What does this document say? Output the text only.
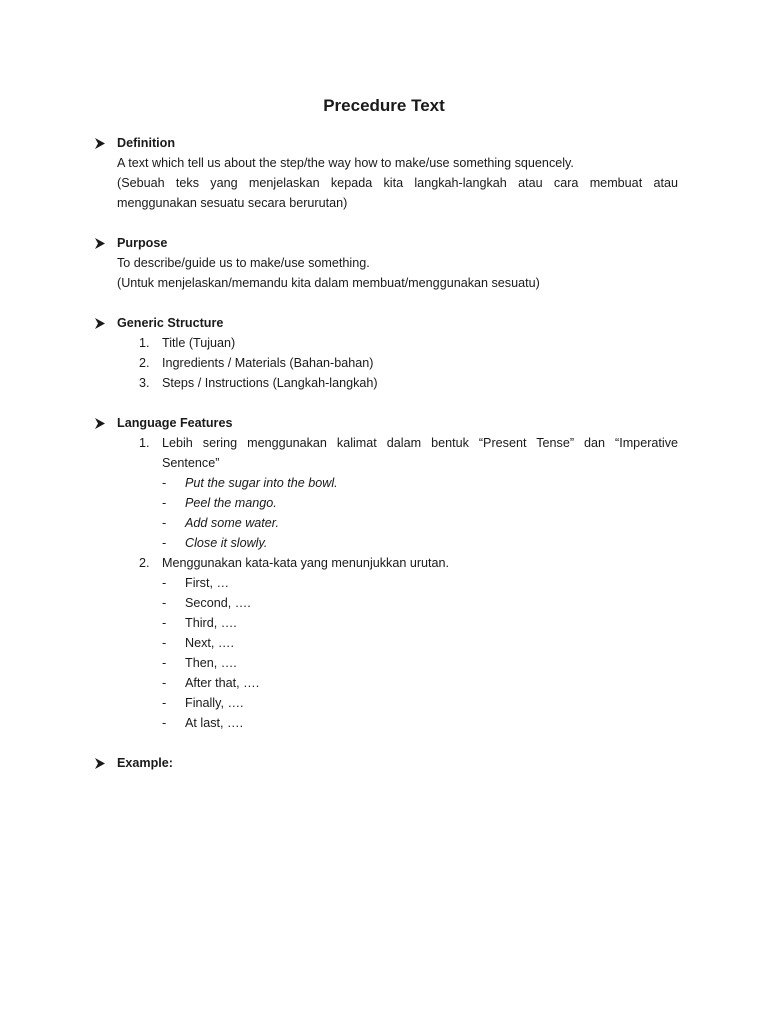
Precedure Text
Definition
A text which tell us about the step/the way how to make/use something squencely.
(Sebuah teks yang menjelaskan kepada kita langkah-langkah atau cara membuat atau menggunakan sesuatu secara berurutan)
Purpose
To describe/guide us to make/use something.
(Untuk menjelaskan/memandu kita dalam membuat/menggunakan sesuatu)
Generic Structure
1. Title (Tujuan)
2. Ingredients / Materials (Bahan-bahan)
3. Steps / Instructions (Langkah-langkah)
Language Features
1. Lebih sering menggunakan kalimat dalam bentuk “Present Tense” dan “Imperative Sentence”
- Put the sugar into the bowl.
- Peel the mango.
- Add some water.
- Close it slowly.
2. Menggunakan kata-kata yang menunjukkan urutan.
- First, …
- Second, ….
- Third, ….
- Next, ….
- Then, ….
- After that, ….
- Finally, ….
- At last, ….
Example:
